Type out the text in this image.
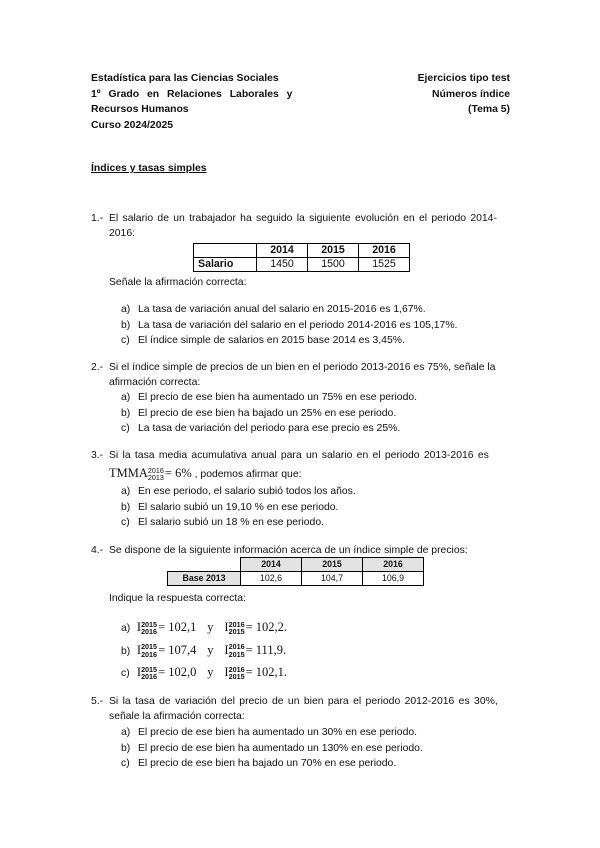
Estadística para las Ciencias Sociales
1º Grado en Relaciones Laborales y
Recursos Humanos
Curso 2024/2025
Ejercicios tipo test
Números índice
(Tema 5)
Índices y tasas simples
1.- El salario de un trabajador ha seguido la siguiente evolución en el periodo 2014-
2016:
	2014	2015	2016
Salario	1450	1500	1525
Señale la afirmación correcta:
a) La tasa de variación anual del salario en 2015-2016 es 1,67%.
b) La tasa de variación del salario en el periodo 2014-2016 es 105,17%.
c) El índice simple de salarios en 2015 base 2014 es 3,45%.
2.- Si el índice simple de precios de un bien en el periodo 2013-2016 es 75%, señale la
afirmación correcta:
a) El precio de ese bien ha aumentado un 75% en ese periodo.
b) El precio de ese bien ha bajado un 25% en ese periodo.
c) La tasa de variación del periodo para ese precio es 25%.
3.- Si la tasa media acumulativa anual para un salario en el periodo 2013-2016 es
TMMA 2016
2013 = 6% , podemos afirmar que:
a) En ese periodo, el salario subió todos los años.
b) El salario subió un 19,10 % en ese periodo.
c) El salario subió un 18 % en ese periodo.
4.- Se dispone de la siguiente información acerca de un índice simple de precios:
	2014	2015	2016
Base 2013	102,6	104,7	106,9
Indique la respuesta correcta:
a) I 2015
2016 = 102,1 y I 2016
2015 = 102,2.
b) I 2015
2016 = 107,4 y I 2016
2015 = 111,9.
c) I 2015
2016 = 102,0 y I 2016
2015 = 102,1.
5.- Si la tasa de variación del precio de un bien para el periodo 2012-2016 es 30%,
señale la afirmación correcta:
a) El precio de ese bien ha aumentado un 30% en ese periodo.
b) El precio de ese bien ha aumentado un 130% en ese periodo.
c) El precio de ese bien ha bajado un 70% en ese periodo.
